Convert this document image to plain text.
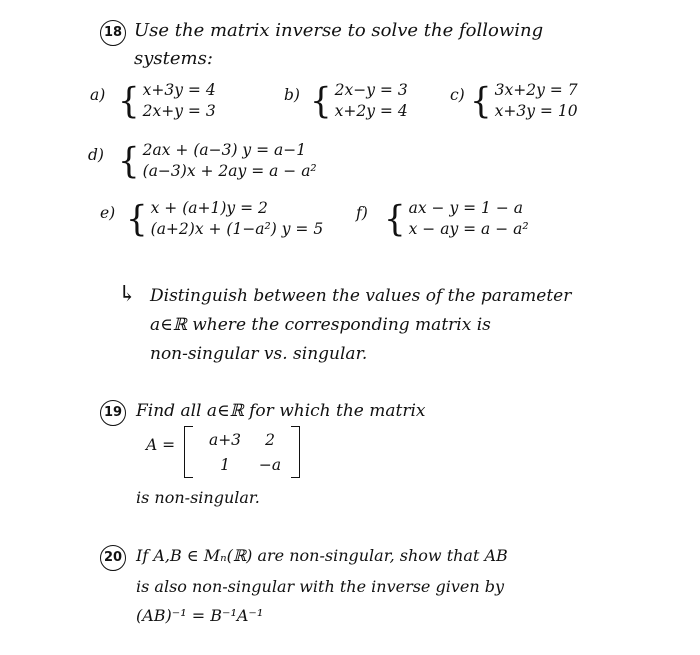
18 Use the matrix inverse to solve the following
systems:
a) { x+3y = 4
2x+y = 3
b) { 2x−y = 3
x+2y = 4
c) { 3x+2y = 7
x+3y = 10
d) { 2ax + (a−3) y = a−1
(a−3)x + 2ay = a − a²
e) { x + (a+1)y = 2
(a+2)x + (1−a²) y = 5
f) { ax − y = 1 − a
x − ay = a − a²
↳ Distinguish between the values of the parameter
a∈ℝ where the corresponding matrix is
non-singular vs. singular.
19 Find all a∈ℝ for which the matrix
A =	a+3	2
1	−a
is non-singular.
20 If A,B ∈ Mₙ(ℝ) are non-singular, show that AB
is also non-singular with the inverse given by
(AB)⁻¹ = B⁻¹A⁻¹
